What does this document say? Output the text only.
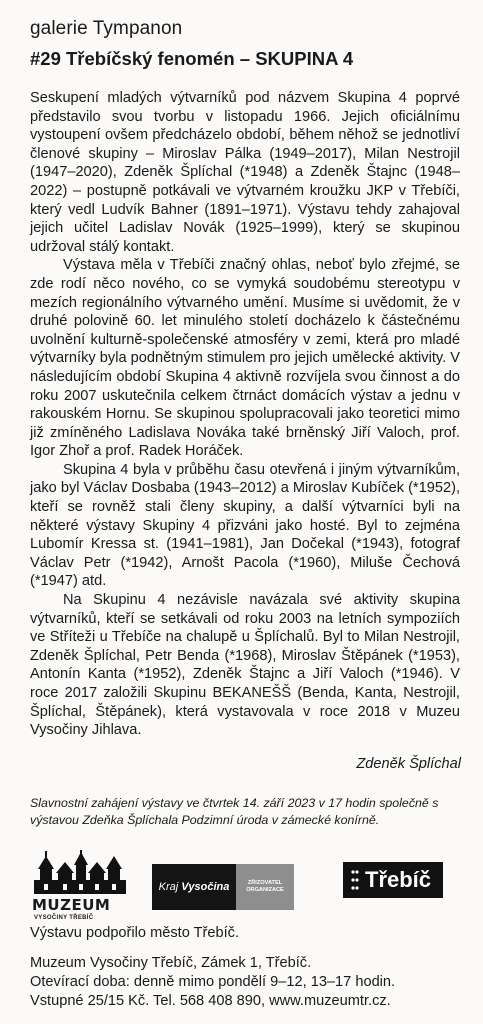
galerie Tympanon
#29 Třebíčský fenomén – SKUPINA 4

Seskupení mladých výtvarníků pod názvem Skupina 4 poprvé představilo svou tvorbu v listopadu 1966. Jejich oficiálnímu vystoupení ovšem předcházelo období, během něhož se jednotliví členové skupiny – Miroslav Pálka (1949–2017), Milan Nestrojil (1947–2020), Zdeněk Šplíchal (*1948) a Zdeněk Štajnc (1948–2022) – postupně potkávali ve výtvarném kroužku JKP v Třebíči, který vedl Ludvík Bahner (1891–1971). Výstavu tehdy zahajoval jejich učitel Ladislav Novák (1925–1999), který se skupinou udržoval stálý kontakt.

Výstava měla v Třebíči značný ohlas, neboť bylo zřejmé, se zde rodí něco nového, co se vymyká soudobému stereotypu v mezích regionálního výtvarného umění. Musíme si uvědomit, že v druhé polovině 60. let minulého století docházelo k částečnému uvolnění kulturně-společenské atmosféry v zemi, která pro mladé výtvarníky byla podnětným stimulem pro jejich umělecké aktivity. V následujícím období Skupina 4 aktivně rozvíjela svou činnost a do roku 2007 uskutečnila celkem čtrnáct domácích výstav a jednu v rakouském Hornu. Se skupinou spolupracovali jako teoretici mimo již zmíněného Ladislava Nováka také brněnský Jiří Valoch, prof. Igor Zhoř a prof. Radek Horáček.

Skupina 4 byla v průběhu času otevřená i jiným výtvarníkům, jako byl Václav Dosbaba (1943–2012) a Miroslav Kubíček (*1952), kteří se rovněž stali členy skupiny, a další výtvarníci byli na některé výstavy Skupiny 4 přizváni jako hosté. Byl to zejména Lubomír Kressa st. (1941–1981), Jan Dočekal (*1943), fotograf Václav Petr (*1942), Arnošt Pacola (*1960), Miluše Čechová (*1947) atd.

Na Skupinu 4 nezávisle navázala své aktivity skupina výtvarníků, kteří se setkávali od roku 2003 na letních sympoziích ve Stříteži u Třebíče na chalupě u Šplíchalů. Byl to Milan Nestrojil, Zdeněk Šplíchal, Petr Benda (*1968), Miroslav Štěpánek (*1953), Antonín Kanta (*1952), Zdeněk Štajnc a Jiří Valoch (*1946). V roce 2017 založili Skupinu BEKANEŠŠ (Benda, Kanta, Nestrojil, Šplíchal, Štěpánek), která vystavovala v roce 2018 v Muzeu Vysočiny Jihlava.

Zdeněk Šplíchal
Slavnostní zahájení výstavy ve čtvrtek 14. září 2023 v 17 hodin společně s výstavou Zdeňka Šplíchala Podzimní úroda v zámecké konírně.
MUZEUM
VYSOČINY TŘEBÍČ
Kraj
Vysočina	ZŘIZOVATEL ORGANIZACE	Třebíč
Výstavu podpořilo město Třebíč.
Muzeum Vysočiny Třebíč, Zámek 1, Třebíč.
Otevírací doba: denně mimo pondělí 9–12, 13–17 hodin.
Vstupné 25/15 Kč. Tel. 568 408 890, www.muzeumtr.cz.
